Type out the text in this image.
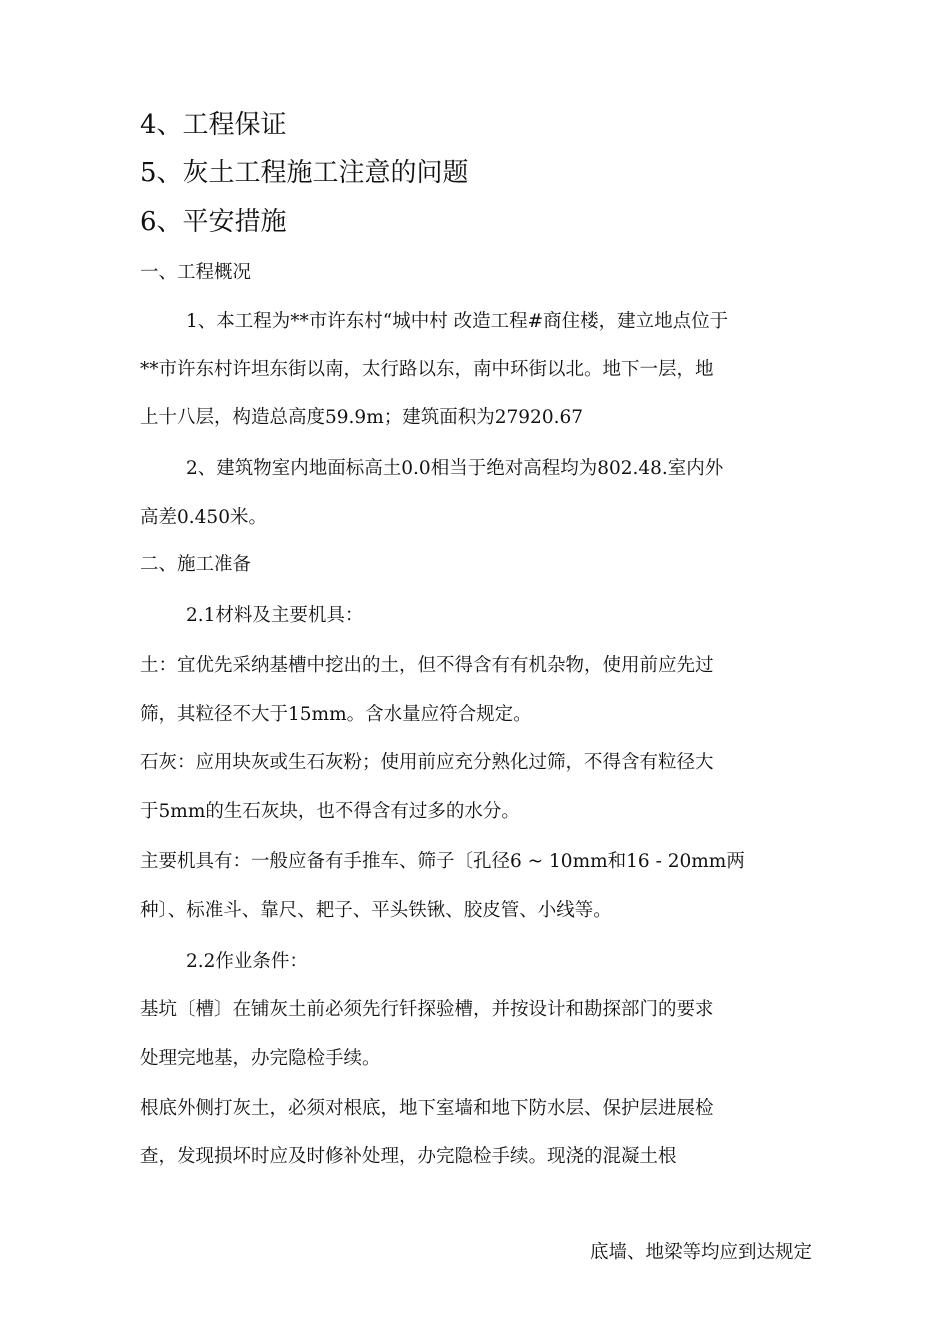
4、工程保证
5、灰土工程施工注意的问题
6、平安措施
一、工程概况
1、本工程为**市许东村“城中村 改造工程#商住楼，建立地点位于
**市许东村许坦东街以南，太行路以东，南中环街以北。地下一层，地
上十八层，构造总高度59.9m；建筑面积为27920.67
2、建筑物室内地面标高土0.0相当于绝对高程均为802.48.室内外
高差0.450米。
二、施工准备
2.1材料及主要机具：
土：宜优先采纳基槽中挖出的土，但不得含有有机杂物，使用前应先过
筛，其粒径不大于15mm。含水量应符合规定。
石灰：应用块灰或生石灰粉；使用前应充分熟化过筛，不得含有粒径大
于5mm的生石灰块，也不得含有过多的水分。
主要机具有：一般应备有手推车、筛子〔孔径6 ~ 10mm和16 - 20mm两
种〕、标准斗、靠尺、耙子、平头铁锹、胶皮管、小线等。
2.2作业条件：
基坑〔槽〕在铺灰土前必须先行钎探验槽，并按设计和勘探部门的要求
处理完地基，办完隐检手续。
根底外侧打灰土，必须对根底，地下室墙和地下防水层、保护层进展检
查，发现损坏时应及时修补处理，办完隐检手续。现浇的混凝土根
底墙、地梁等均应到达规定
